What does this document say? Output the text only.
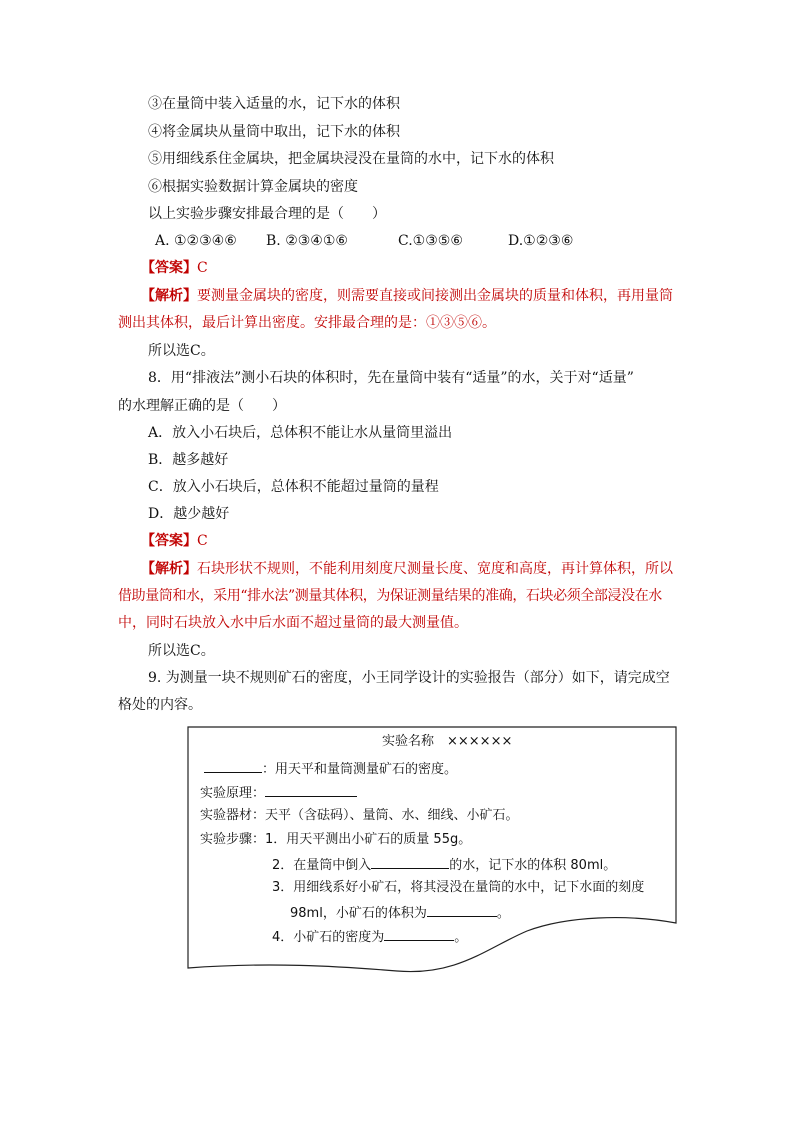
③在量筒中装入适量的水，记下水的体积
④将金属块从量筒中取出，记下水的体积
⑤用细线系住金属块，把金属块浸没在量筒的水中，记下水的体积
⑥根据实验数据计算金属块的密度
以上实验步骤安排最合理的是（　　）
A. ①②③④⑥ B. ②③④①⑥	C.①③⑤⑥	D.①②③⑥
【答案】C
【解析】要测量金属块的密度，则需要直接或间接测出金属块的质量和体积，再用量筒
测出其体积，最后计算出密度。安排最合理的是：①③⑤⑥。
所以选C。
8．用“排液法”测小石块的体积时，先在量筒中装有“适量”的水，关于对“适量”
的水理解正确的是（　　）
A．放入小石块后，总体积不能让水从量筒里溢出
B．越多越好
C．放入小石块后，总体积不能超过量筒的量程
D．越少越好
【答案】C
【解析】石块形状不规则，不能利用刻度尺测量长度、宽度和高度，再计算体积，所以
借助量筒和水，采用“排水法”测量其体积，为保证测量结果的准确，石块必须全部浸没在水
中，同时石块放入水中后水面不超过量筒的最大测量值。
所以选C。
9. 为测量一块不规则矿石的密度，小王同学设计的实验报告（部分）如下，请完成空
格处的内容。
实验名称　××××××
：用天平和量筒测量矿石的密度。
实验原理：
实验器材：天平（含砝码）、量筒、水、细线、小矿石。
实验步骤：1．用天平测出小矿石的质量 55g。
2．在量筒中倒入	的水，记下水的体积 80ml。
3．用细线系好小矿石，将其浸没在量筒的水中，记下水面的刻度
98ml，小矿石的体积为	。
4．小矿石的密度为	。
